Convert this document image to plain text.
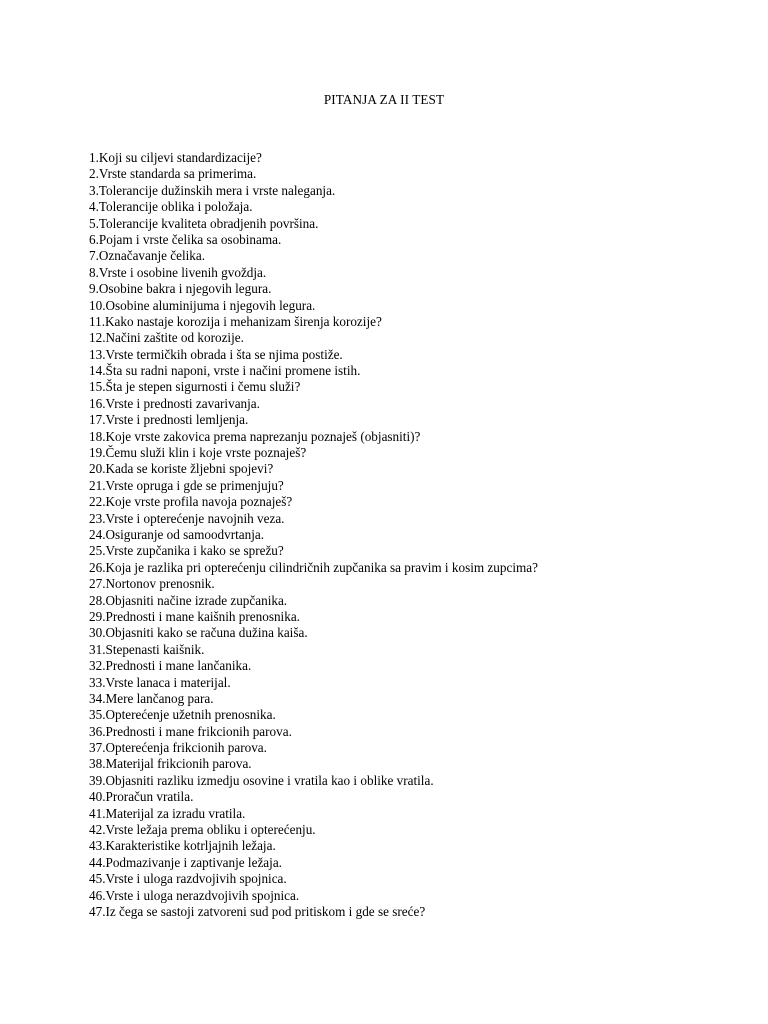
PITANJA ZA II TEST
1.Koji su ciljevi standardizacije?
2.Vrste standarda sa primerima.
3.Tolerancije dužinskih mera i vrste naleganja.
4.Tolerancije oblika i položaja.
5.Tolerancije kvaliteta obradjenih površina.
6.Pojam i vrste čelika sa osobinama.
7.Označavanje čelika.
8.Vrste i osobine livenih gvoždja.
9.Osobine bakra i njegovih legura.
10.Osobine aluminijuma i njegovih legura.
11.Kako nastaje korozija i mehanizam širenja korozije?
12.Načini zaštite od korozije.
13.Vrste termičkih obrada i šta se njima postiže.
14.Šta su radni naponi, vrste i načini promene istih.
15.Šta je stepen sigurnosti i čemu služi?
16.Vrste i prednosti zavarivanja.
17.Vrste i prednosti lemljenja.
18.Koje vrste zakovica prema naprezanju poznaješ (objasniti)?
19.Čemu služi klin i koje vrste poznaješ?
20.Kada se koriste žljebni spojevi?
21.Vrste opruga i gde se primenjuju?
22.Koje vrste profila navoja poznaješ?
23.Vrste i opterećenje navojnih veza.
24.Osiguranje od samoodvrtanja.
25.Vrste zupčanika i kako se sprežu?
26.Koja je razlika pri opterećenju cilindričnih zupčanika sa pravim i kosim zupcima?
27.Nortonov prenosnik.
28.Objasniti načine izrade zupčanika.
29.Prednosti i mane kaišnih prenosnika.
30.Objasniti kako se računa dužina kaiša.
31.Stepenasti kaišnik.
32.Prednosti i mane lančanika.
33.Vrste lanaca i materijal.
34.Mere lančanog para.
35.Opterećenje užetnih prenosnika.
36.Prednosti i mane frikcionih parova.
37.Opterećenja frikcionih parova.
38.Materijal frikcionih parova.
39.Objasniti razliku izmedju osovine i vratila kao i oblike vratila.
40.Proračun vratila.
41.Materijal za izradu vratila.
42.Vrste ležaja prema obliku i opterećenju.
43.Karakteristike kotrljajnih ležaja.
44.Podmazivanje i zaptivanje ležaja.
45.Vrste i uloga razdvojivih spojnica.
46.Vrste i uloga nerazdvojivih spojnica.
47.Iz čega se sastoji zatvoreni sud pod pritiskom i gde se sreće?
